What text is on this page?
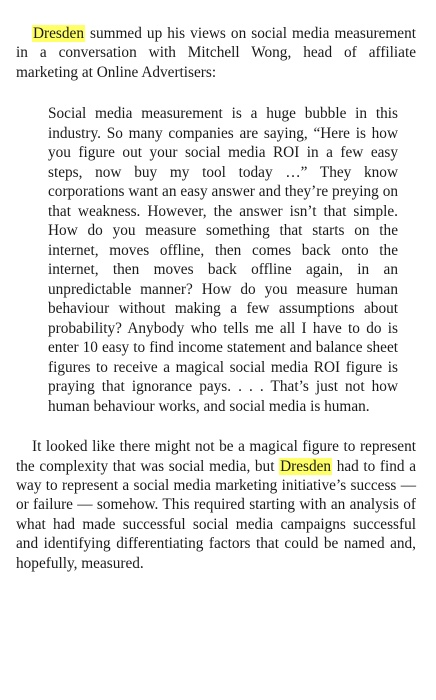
Dresden summed up his views on social media measurement in a conversation with Mitchell Wong, head of affiliate marketing at Online Advertisers:

Social media measurement is a huge bubble in this industry. So many companies are saying, “Here is how you figure out your social media ROI in a few easy steps, now buy my tool today …” They know corporations want an easy answer and they’re preying on that weakness. However, the answer isn’t that simple. How do you measure something that starts on the internet, moves offline, then comes back onto the internet, then moves back offline again, in an unpredictable manner? How do you measure human behaviour without making a few assumptions about probability? Anybody who tells me all I have to do is enter 10 easy to find income statement and balance sheet figures to receive a magical social media ROI figure is praying that ignorance pays. . . . That’s just not how human behaviour works, and social media is human.

It looked like there might not be a magical figure to represent the complexity that was social media, but Dresden had to find a way to represent a social media marketing initiative’s success — or failure — somehow. This required starting with an analysis of what had made successful social media campaigns successful and identifying differentiating factors that could be named and, hopefully, measured.
